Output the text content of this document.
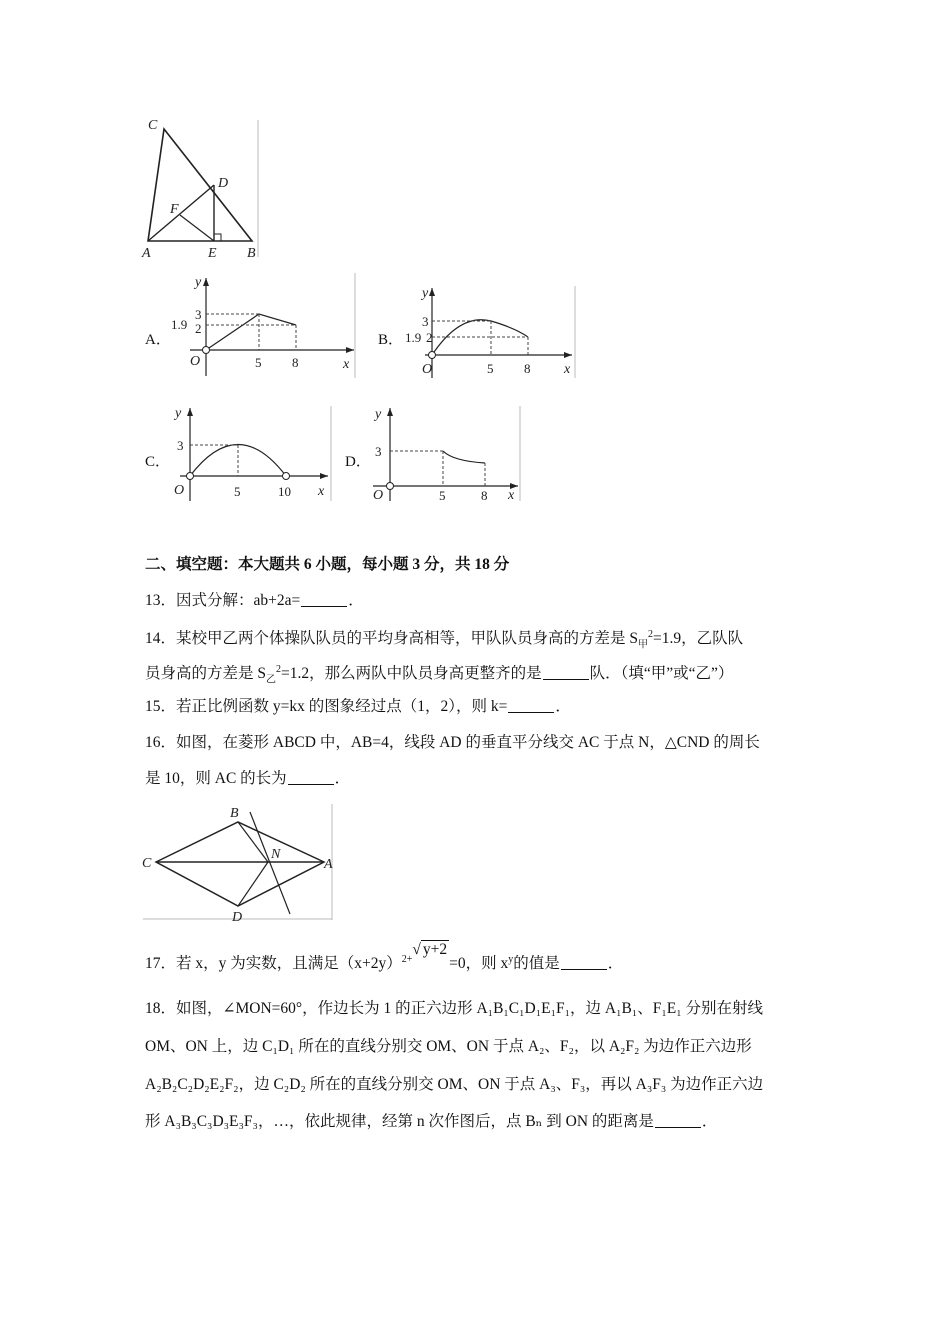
C
D
F
A	E B
A．
y
3
1.9 2
O	5 8	x
B．
y
3
1.9 2
O	5 8 x
C．
y
3
O	5	10 x
D．
y
3
O	5	8 x
二、填空题：本大题共 6 小题，每小题 3 分，共 18 分
13．因式分解：ab+2a=	．
14．某校甲乙两个体操队队员的平均身高相等，甲队队员身高的方差是 $S_甲^2=1.9$，乙队队
员身高的方差是 $S_乙^2=1.2$，那么两队中队员身高更整齐的是	队．（填“甲”或“乙”）
15．若正比例函数 y=kx 的图象经过点（1，2），则 k=	．
16．如图，在菱形 ABCD 中，AB=4，线段 AD 的垂直平分线交 AC 于点 N，△CND 的周长
是 10，则 AC 的长为	．
B
C
N
A
D
17．若 x，y 为实数，且满足$(x+2y)^{2+}√$ y+2=0，则 $x^y$的值是	．
18．如图，∠MON=60°，作边长为 1 的正六边形 A₁B₁C₁D₁E₁F₁，边 A₁B₁、F₁E₁ 分别在射线
OM、ON 上，边 C₁D₁ 所在的直线分别交 OM、ON 于点 A₂、F₂，以 A₂F₂ 为边作正六边形
A₂B₂C₂D₂E₂F₂，边 C₂D₂ 所在的直线分别交 OM、ON 于点 A₃、F₃，再以 A₃F₃ 为边作正六边
形 A₃B₃C₃D₃E₃F₃，…，依此规律，经第 n 次作图后，点 Bₙ 到 ON 的距离是	．
